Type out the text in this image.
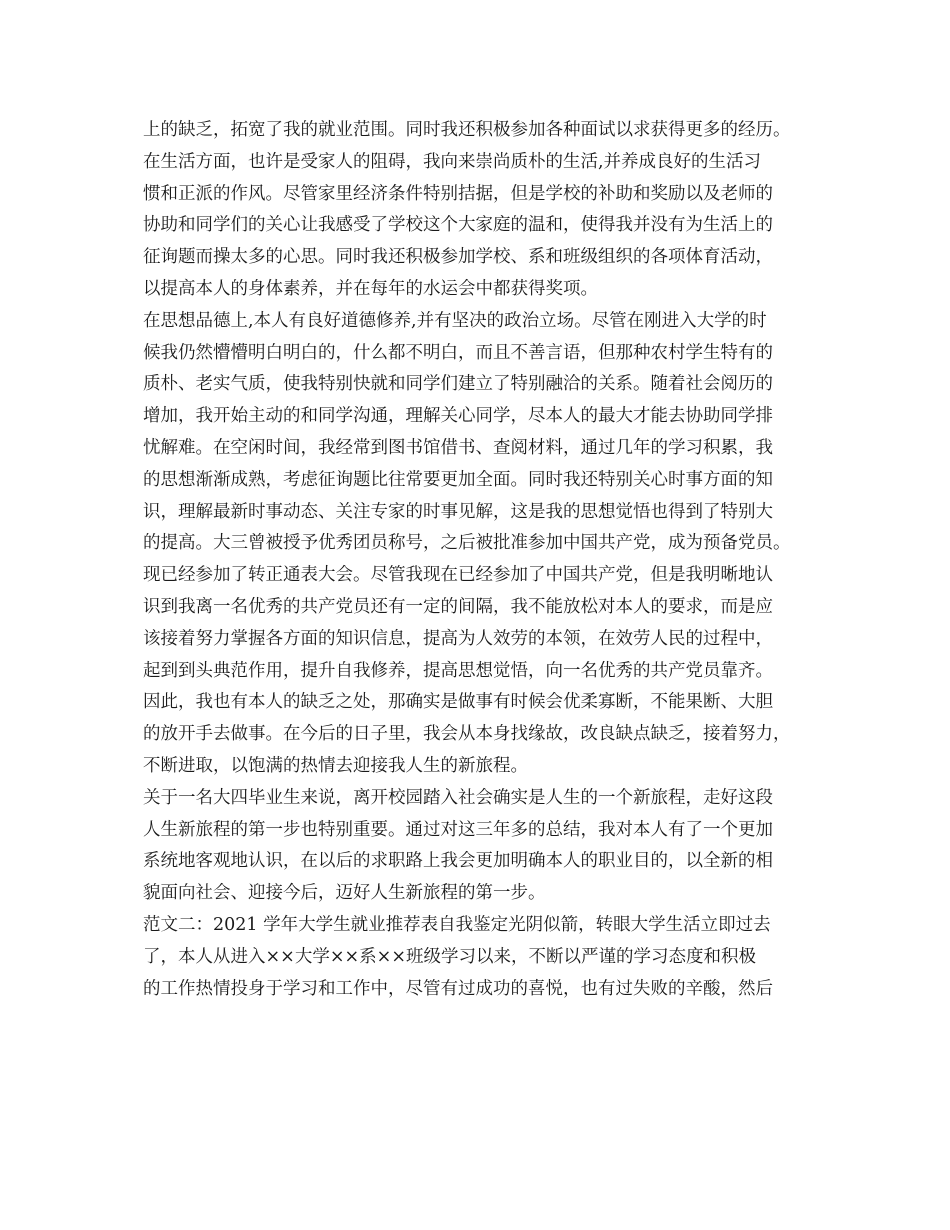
上的缺乏，拓宽了我的就业范围。同时我还积极参加各种面试以求获得更多的经历。
在生活方面，也许是受家人的阻碍，我向来崇尚质朴的生活,并养成良好的生活习
惯和正派的作风。尽管家里经济条件特别拮据，但是学校的补助和奖励以及老师的
协助和同学们的关心让我感受了学校这个大家庭的温和，使得我并没有为生活上的
征询题而操太多的心思。同时我还积极参加学校、系和班级组织的各项体育活动，
以提高本人的身体素养，并在每年的水运会中都获得奖项。
在思想品德上,本人有良好道德修养,并有坚决的政治立场。尽管在刚进入大学的时
候我仍然懵懵明白明白的，什么都不明白，而且不善言语，但那种农村学生特有的
质朴、老实气质，使我特别快就和同学们建立了特别融洽的关系。随着社会阅历的
增加，我开始主动的和同学沟通，理解关心同学，尽本人的最大才能去协助同学排
忧解难。在空闲时间，我经常到图书馆借书、查阅材料，通过几年的学习积累，我
的思想渐渐成熟，考虑征询题比往常要更加全面。同时我还特别关心时事方面的知
识，理解最新时事动态、关注专家的时事见解，这是我的思想觉悟也得到了特别大
的提高。大三曾被授予优秀团员称号，之后被批准参加中国共产党，成为预备党员。
现已经参加了转正通表大会。尽管我现在已经参加了中国共产党，但是我明晰地认
识到我离一名优秀的共产党员还有一定的间隔，我不能放松对本人的要求，而是应
该接着努力掌握各方面的知识信息，提高为人效劳的本领，在效劳人民的过程中，
起到到头典范作用，提升自我修养，提高思想觉悟，向一名优秀的共产党员靠齐。
因此，我也有本人的缺乏之处，那确实是做事有时候会优柔寡断，不能果断、大胆
的放开手去做事。在今后的日子里，我会从本身找缘故，改良缺点缺乏，接着努力，
不断进取，以饱满的热情去迎接我人生的新旅程。
关于一名大四毕业生来说，离开校园踏入社会确实是人生的一个新旅程，走好这段
人生新旅程的第一步也特别重要。通过对这三年多的总结，我对本人有了一个更加
系统地客观地认识，在以后的求职路上我会更加明确本人的职业目的，以全新的相
貌面向社会、迎接今后，迈好人生新旅程的第一步。
范文二：2021 学年大学生就业推荐表自我鉴定光阴似箭，转眼大学生活立即过去
了，本人从进入××大学××系××班级学习以来，不断以严谨的学习态度和积极
的工作热情投身于学习和工作中，尽管有过成功的喜悦，也有过失败的辛酸，然后
